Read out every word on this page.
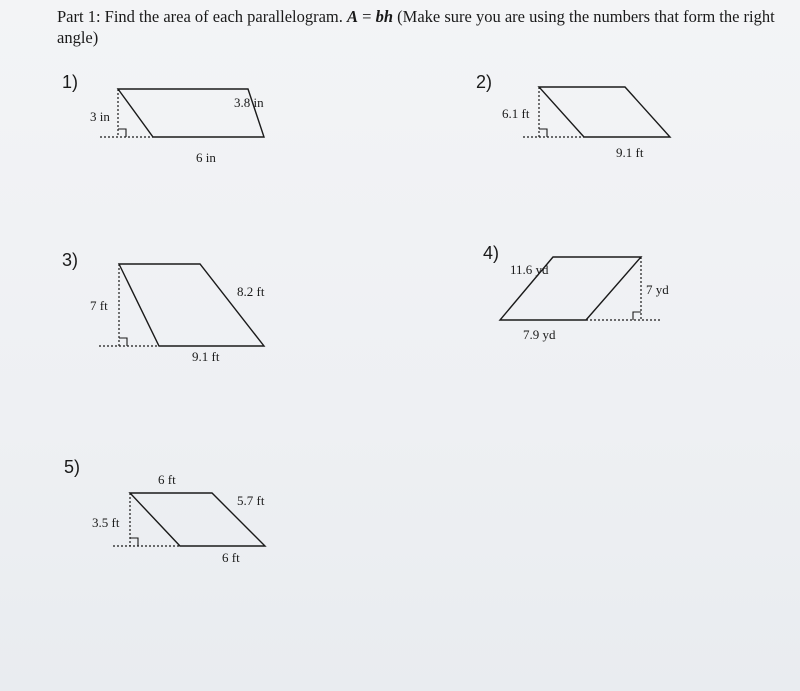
Part 1: Find the area of each parallelogram. A = bh (Make sure you are using the numbers that form the right angle)
1)
3 in
3.8 in
6 in
2)
6.1 ft
9.1 ft
3)
7 ft
8.2 ft
9.1 ft
4)
11.6 yd
7 yd
7.9 yd
5)
6 ft
3.5 ft
5.7 ft
6 ft
